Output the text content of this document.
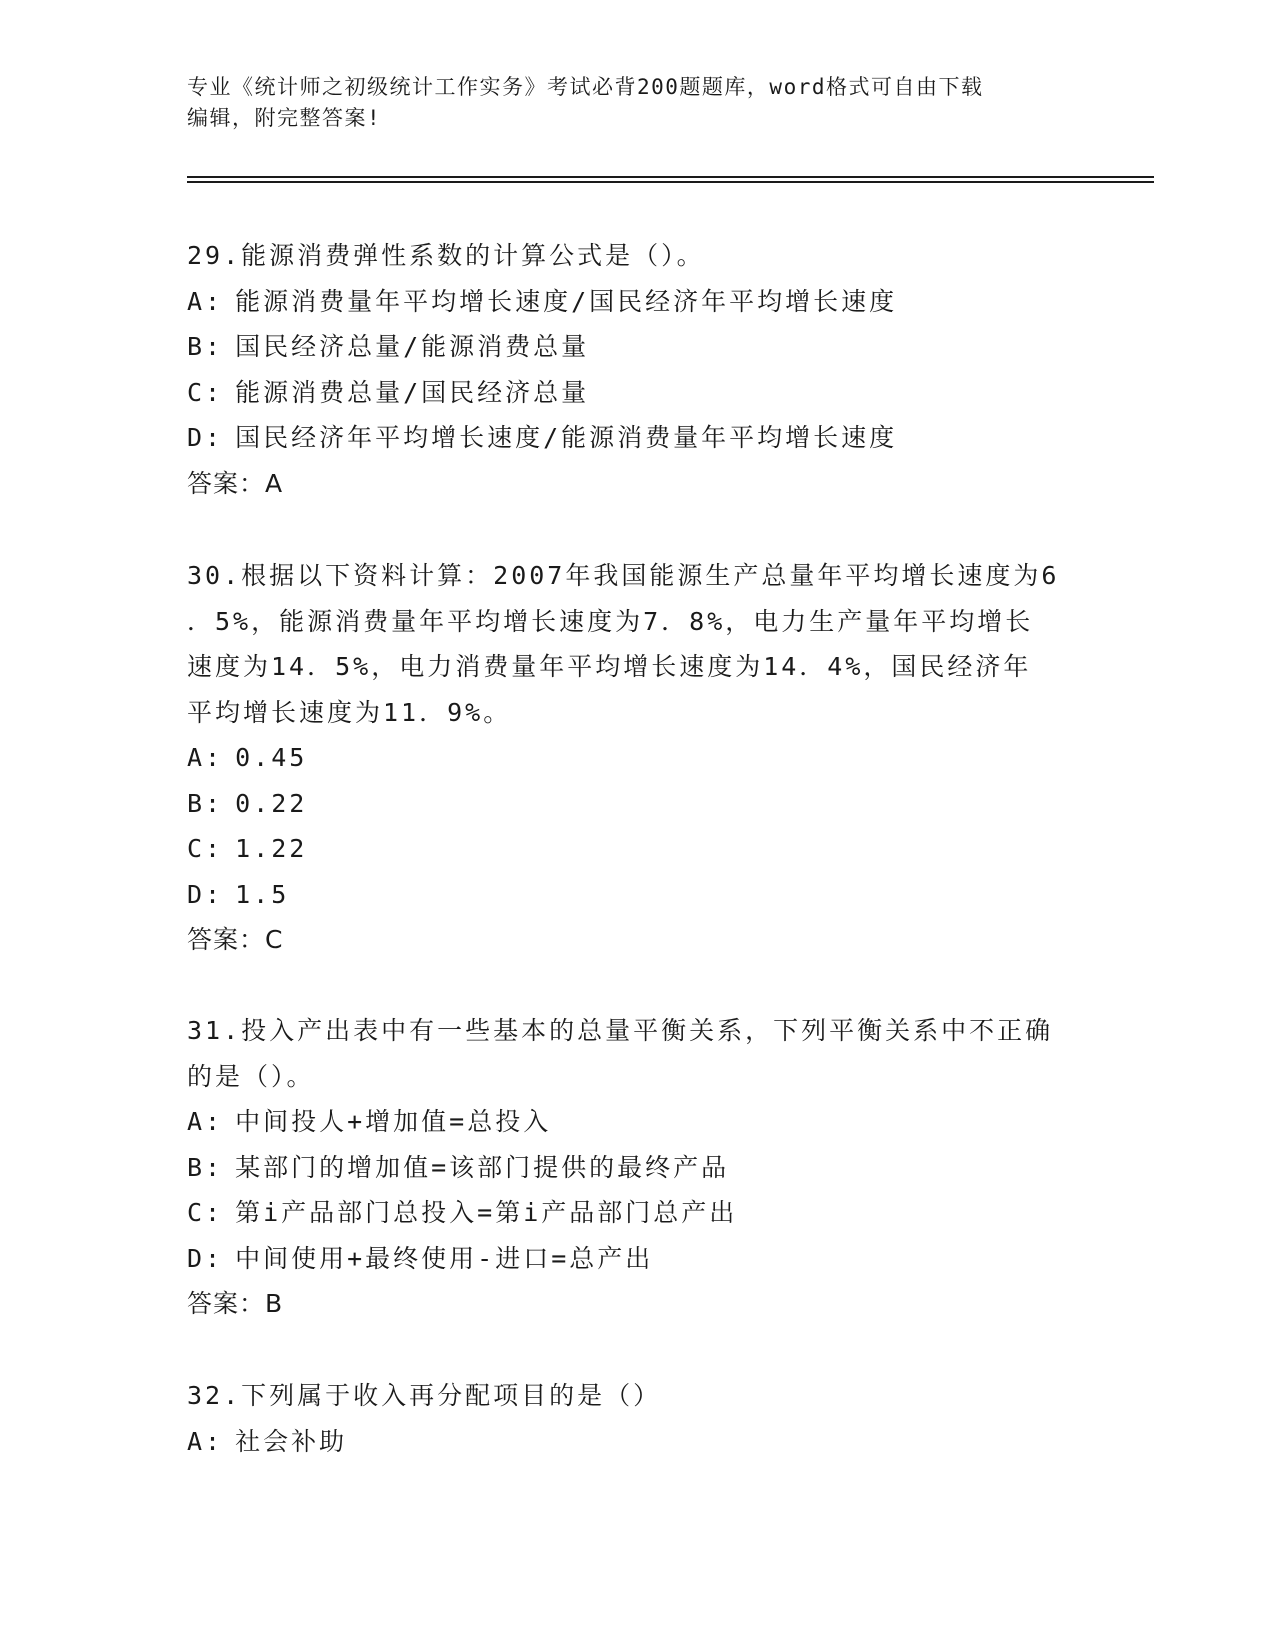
专业《统计师之初级统计工作实务》考试必背200题题库，word格式可自由下载
编辑，附完整答案!
29.能源消费弹性系数的计算公式是（）。
A: 能源消费量年平均增长速度/国民经济年平均增长速度
B: 国民经济总量/能源消费总量
C: 能源消费总量/国民经济总量
D: 国民经济年平均增长速度/能源消费量年平均增长速度
答案：A
30.根据以下资料计算：2007年我国能源生产总量年平均增长速度为6
．5%，能源消费量年平均增长速度为7．8%，电力生产量年平均增长
速度为14．5%，电力消费量年平均增长速度为14．4%，国民经济年
平均增长速度为11．9%。
A: 0.45
B: 0.22
C: 1.22
D: 1.5
答案：C
31.投入产出表中有一些基本的总量平衡关系，下列平衡关系中不正确
的是（）。
A: 中间投人+增加值=总投入
B: 某部门的增加值=该部门提供的最终产品
C: 第i产品部门总投入=第i产品部门总产出
D: 中间使用+最终使用-进口=总产出
答案：B
32.下列属于收入再分配项目的是（）
A: 社会补助
